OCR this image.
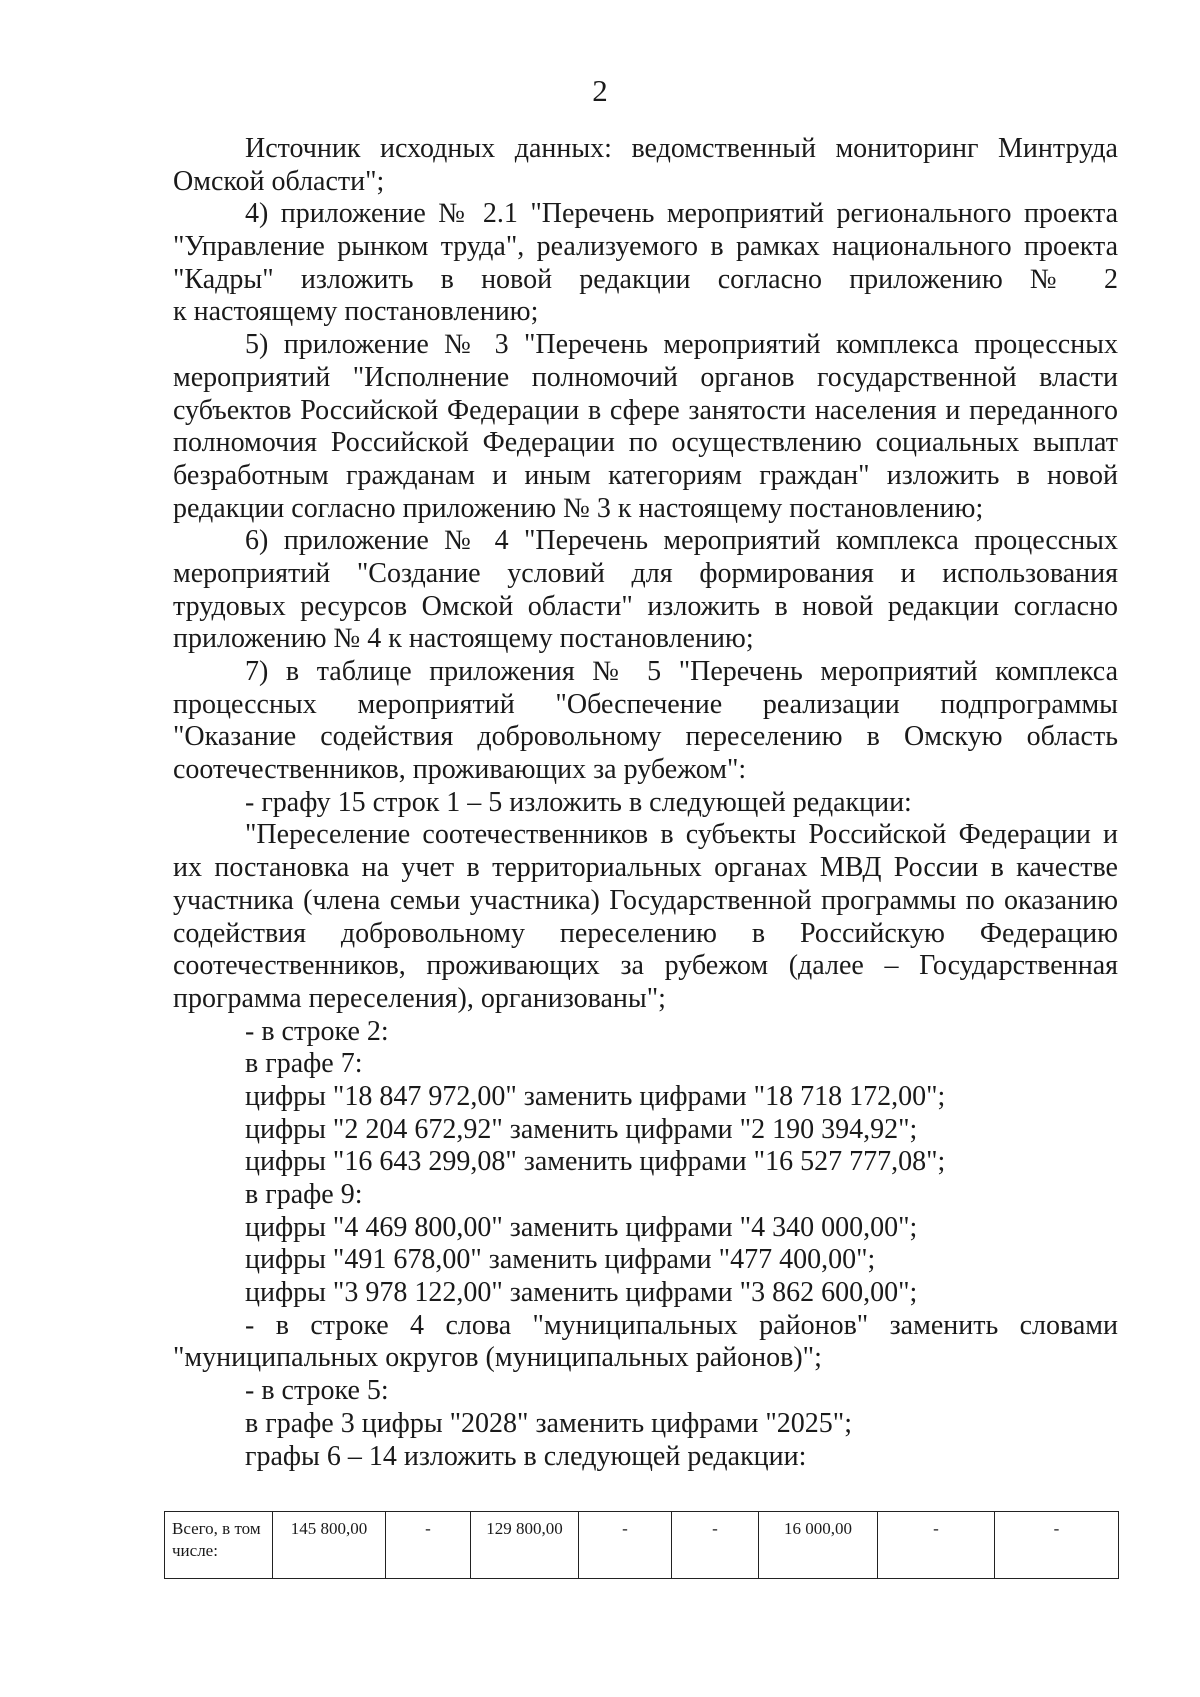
2
Источник исходных данных: ведомственный мониторинг Минтруда
Омской области";
4) приложение № 2.1 "Перечень мероприятий регионального проекта
"Управление рынком труда", реализуемого в рамках национального проекта
"Кадры" изложить в новой редакции согласно приложению № 2
к настоящему постановлению;
5) приложение № 3 "Перечень мероприятий комплекса процессных
мероприятий "Исполнение полномочий органов государственной власти
субъектов Российской Федерации в сфере занятости населения и переданного
полномочия Российской Федерации по осуществлению социальных выплат
безработным гражданам и иным категориям граждан" изложить в новой
редакции согласно приложению № 3 к настоящему постановлению;
6) приложение № 4 "Перечень мероприятий комплекса процессных
мероприятий "Создание условий для формирования и использования
трудовых ресурсов Омской области" изложить в новой редакции согласно
приложению № 4 к настоящему постановлению;
7) в таблице приложения № 5 "Перечень мероприятий комплекса
процессных мероприятий "Обеспечение реализации подпрограммы
"Оказание содействия добровольному переселению в Омскую область
соотечественников, проживающих за рубежом":
- графу 15 строк 1 – 5 изложить в следующей редакции:
"Переселение соотечественников в субъекты Российской Федерации и
их постановка на учет в территориальных органах МВД России в качестве
участника (члена семьи участника) Государственной программы по оказанию
содействия добровольному переселению в Российскую Федерацию
соотечественников, проживающих за рубежом (далее – Государственная
программа переселения), организованы";
- в строке 2:
в графе 7:
цифры "18 847 972,00" заменить цифрами "18 718 172,00";
цифры "2 204 672,92" заменить цифрами "2 190 394,92";
цифры "16 643 299,08" заменить цифрами "16 527 777,08";
в графе 9:
цифры "4 469 800,00" заменить цифрами "4 340 000,00";
цифры "491 678,00" заменить цифрами "477 400,00";
цифры "3 978 122,00" заменить цифрами "3 862 600,00";
- в строке 4 слова "муниципальных районов" заменить словами
"муниципальных округов (муниципальных районов)";
- в строке 5:
в графе 3 цифры "2028" заменить цифрами "2025";
графы 6 – 14 изложить в следующей редакции:
Всего, в том числе:	145 800,00	-	129 800,00	-	-	16 000,00	-	-
